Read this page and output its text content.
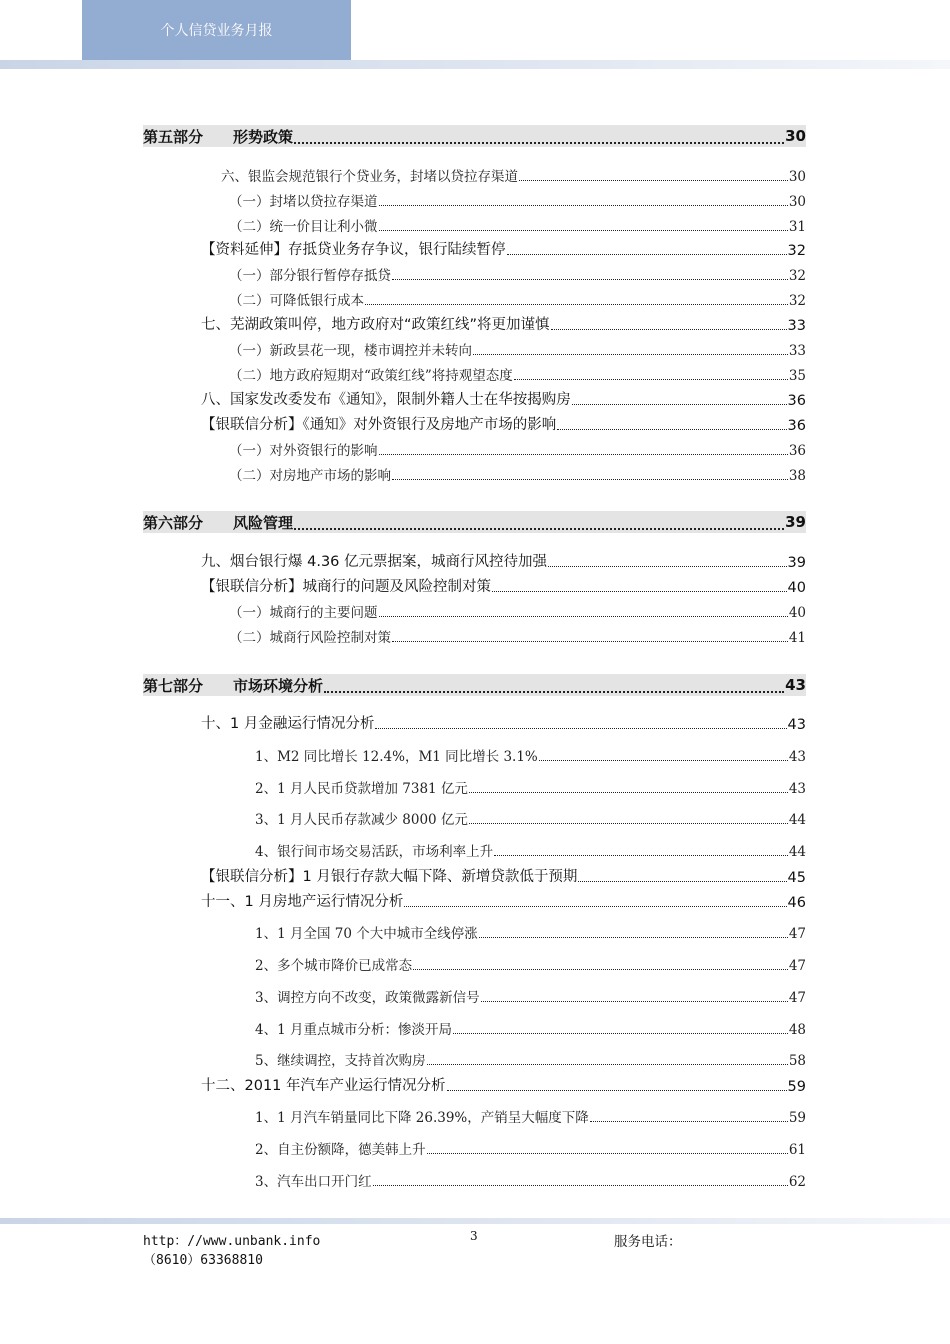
个人信贷业务月报
第五部分 形势政策	30
六、银监会规范银行个贷业务，封堵以贷拉存渠道	30
（一）封堵以贷拉存渠道	30
（二）统一价目让利小微	31
【资料延伸】存抵贷业务存争议，银行陆续暂停	32
（一）部分银行暂停存抵贷	32
（二）可降低银行成本	32
七、芜湖政策叫停，地方政府对“政策红线”将更加谨慎	33
（一）新政昙花一现，楼市调控并未转向	33
（二）地方政府短期对“政策红线”将持观望态度	35
八、国家发改委发布《通知》，限制外籍人士在华按揭购房	36
【银联信分析】《通知》对外资银行及房地产市场的影响	36
（一）对外资银行的影响	36
（二）对房地产市场的影响	38
第六部分 风险管理	39
九、烟台银行爆 4.36 亿元票据案，城商行风控待加强	39
【银联信分析】城商行的问题及风险控制对策	40
（一）城商行的主要问题	40
（二）城商行风险控制对策	41
第七部分 市场环境分析	43
十、1 月金融运行情况分析	43
1、M2 同比增长 12.4%，M1 同比增长 3.1%	43
2、1 月人民币贷款增加 7381 亿元	43
3、1 月人民币存款减少 8000 亿元	44
4、银行间市场交易活跃，市场利率上升	44
【银联信分析】1 月银行存款大幅下降、新增贷款低于预期	45
十一、1 月房地产运行情况分析	46
1、1 月全国 70 个大中城市全线停涨	47
2、多个城市降价已成常态	47
3、调控方向不改变，政策微露新信号	47
4、1 月重点城市分析：惨淡开局	48
5、继续调控，支持首次购房	58
十二、2011 年汽车产业运行情况分析	59
1、1 月汽车销量同比下降 26.39%，产销呈大幅度下降	59
2、自主份额降，德美韩上升	61
3、汽车出口开门红	62
http：//www.unbank.info
（8610）63368810
3	服务电话：
